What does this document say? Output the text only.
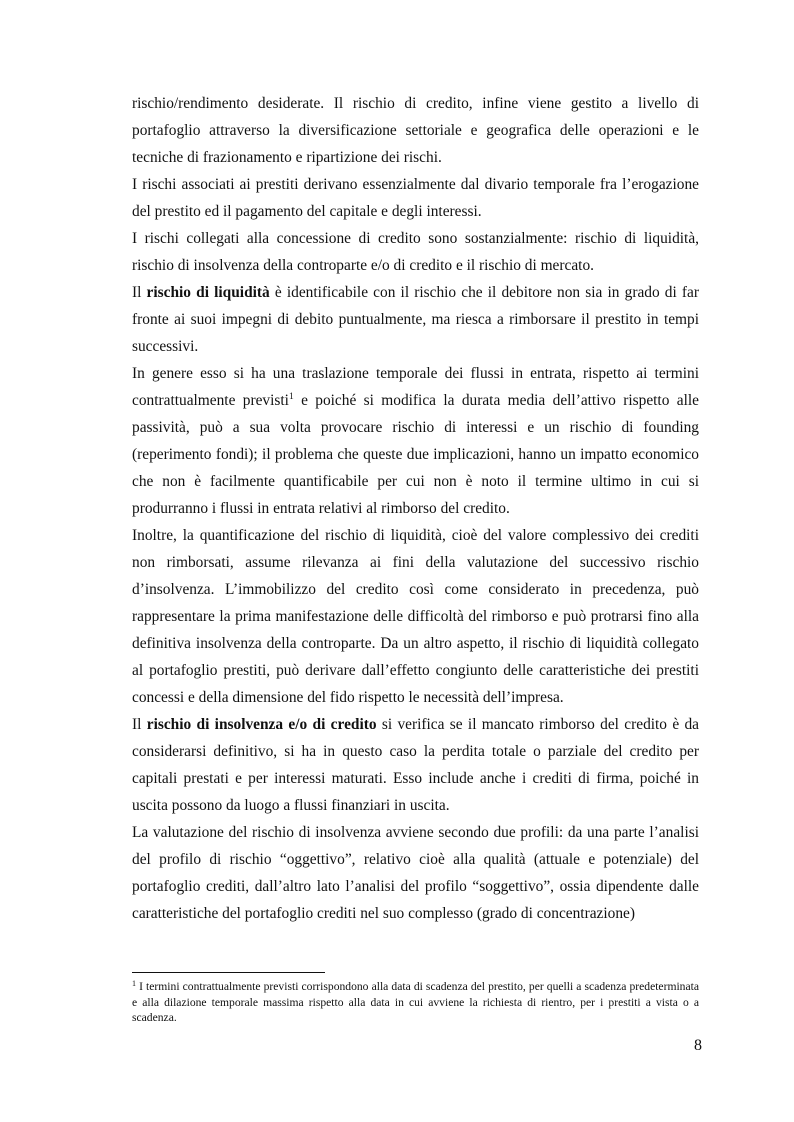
rischio/rendimento desiderate. Il rischio di credito, infine viene gestito a livello di portafoglio attraverso la diversificazione settoriale e geografica delle operazioni e le tecniche di frazionamento e ripartizione dei rischi.

I rischi associati ai prestiti derivano essenzialmente dal divario temporale fra l’erogazione del prestito ed il pagamento del capitale e degli interessi.

I rischi collegati alla concessione di credito sono sostanzialmente: rischio di liquidità, rischio di insolvenza della controparte e/o di credito e il rischio di mercato.

Il rischio di liquidità è identificabile con il rischio che il debitore non sia in grado di far fronte ai suoi impegni di debito puntualmente, ma riesca a rimborsare il prestito in tempi successivi.

In genere esso si ha una traslazione temporale dei flussi in entrata, rispetto ai termini contrattualmente previsti$^1$ e poiché si modifica la durata media dell’attivo rispetto alle passività, può a sua volta provocare rischio di interessi e un rischio di founding (reperimento fondi); il problema che queste due implicazioni, hanno un impatto economico che non è facilmente quantificabile per cui non è noto il termine ultimo in cui si produrranno i flussi in entrata relativi al rimborso del credito.

Inoltre, la quantificazione del rischio di liquidità, cioè del valore complessivo dei crediti non rimborsati, assume rilevanza ai fini della valutazione del successivo rischio d’insolvenza. L’immobilizzo del credito così come considerato in precedenza, può rappresentare la prima manifestazione delle difficoltà del rimborso e può protrarsi fino alla definitiva insolvenza della controparte. Da un altro aspetto, il rischio di liquidità collegato al portafoglio prestiti, può derivare dall’effetto congiunto delle caratteristiche dei prestiti concessi e della dimensione del fido rispetto le necessità dell’impresa.

Il rischio di insolvenza e/o di credito si verifica se il mancato rimborso del credito è da considerarsi definitivo, si ha in questo caso la perdita totale o parziale del credito per capitali prestati e per interessi maturati. Esso include anche i crediti di firma, poiché in uscita possono da luogo a flussi finanziari in uscita.

La valutazione del rischio di insolvenza avviene secondo due profili: da una parte l’analisi del profilo di rischio “oggettivo”, relativo cioè alla qualità (attuale e potenziale) del portafoglio crediti, dall’altro lato l’analisi del profilo “soggettivo”, ossia dipendente dalle caratteristiche del portafoglio crediti nel suo complesso (grado di concentrazione)

$^1$ I termini contrattualmente previsti corrispondono alla data di scadenza del prestito, per quelli a scadenza predeterminata e alla dilazione temporale massima rispetto alla data in cui avviene la richiesta di rientro, per i prestiti a vista o a scadenza.
8
